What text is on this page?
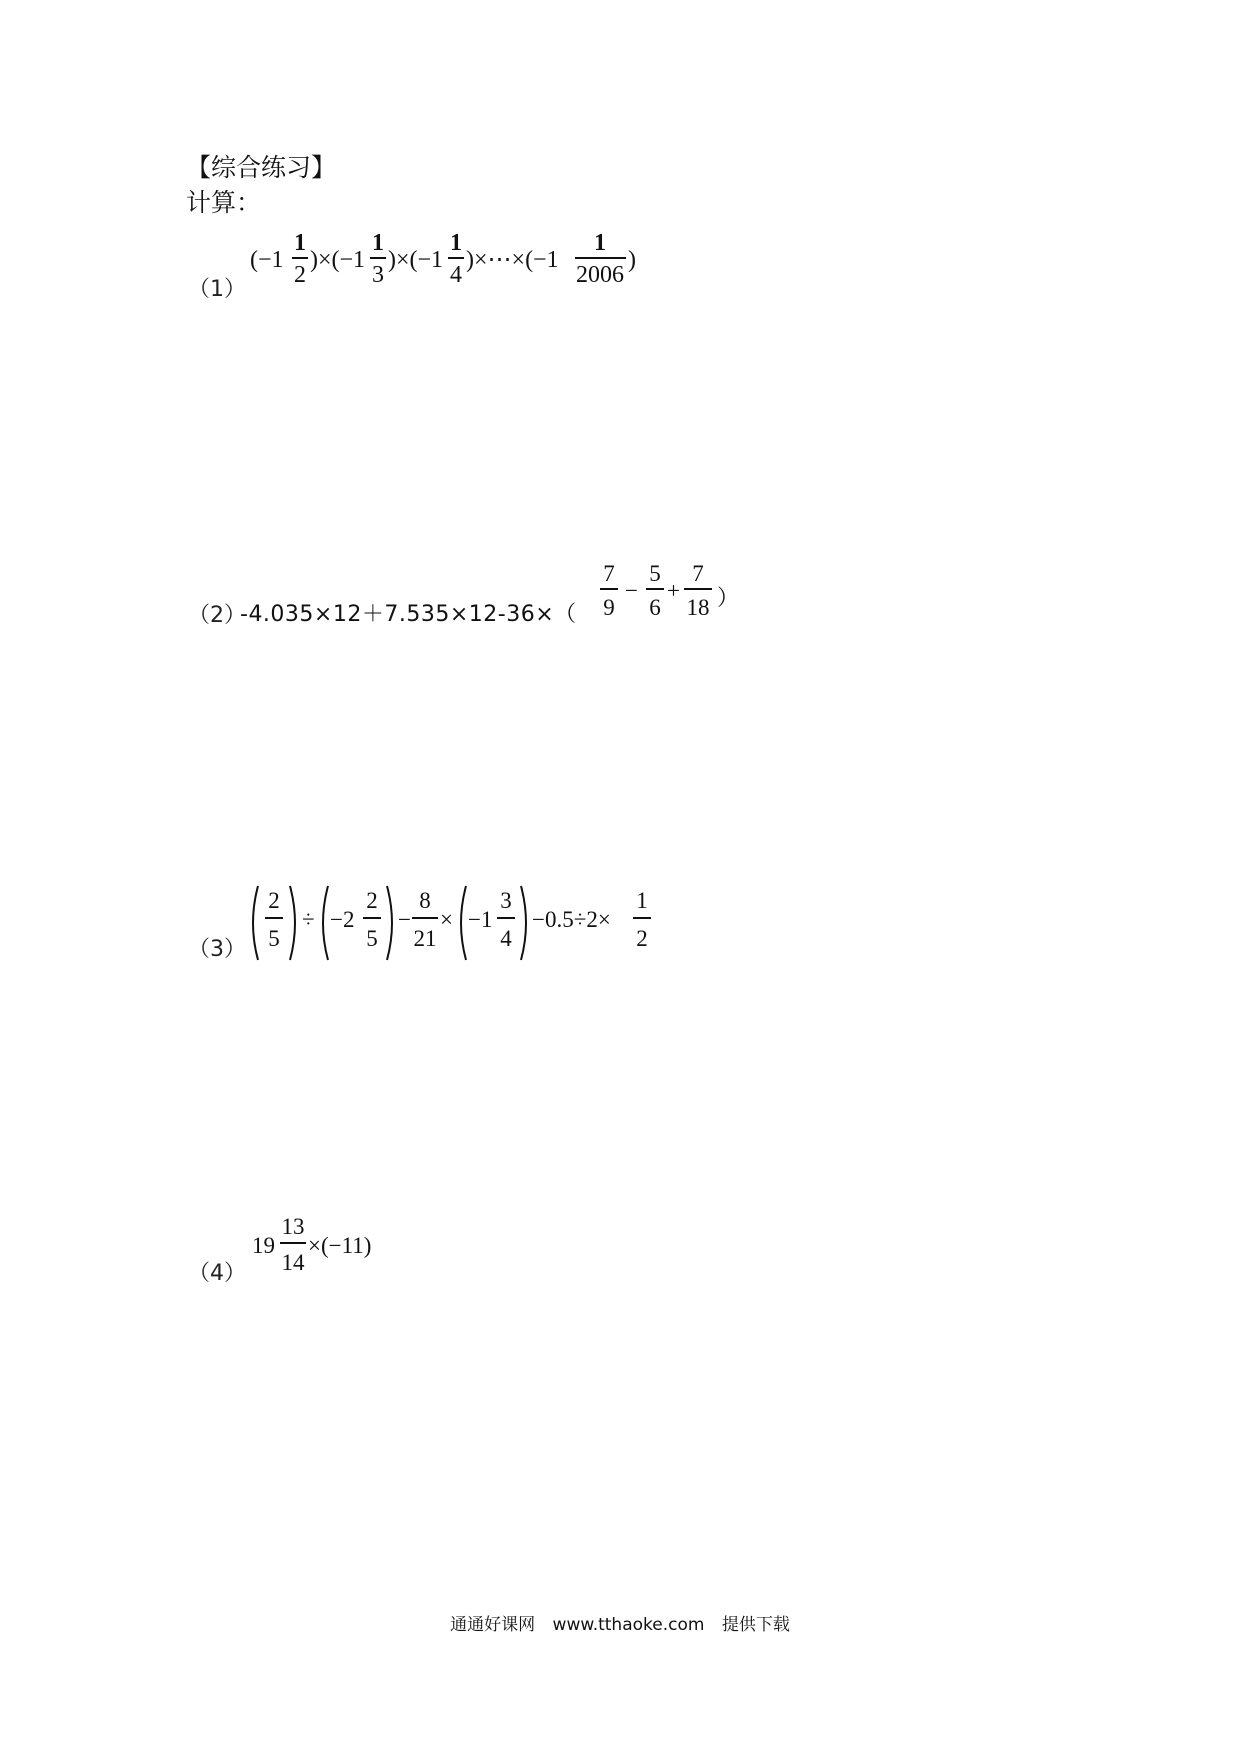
【综合练习】
计算：
（1）
(−1
1
2
)×(−1
1
3
)×(−1
1
4
)×⋯×(−1
1
2006
)
（2）
-4.035×12＋7.535×12-36×（
7
9
−
5
6
+
7
18 ）
（3）
2
5
÷ −2
2
5
−
8
21
× −1
3
4
−0.5÷2×
1
2
（4）
19
13
14
×(−11)
通通好课网 www.tthaoke.com 提供下载
